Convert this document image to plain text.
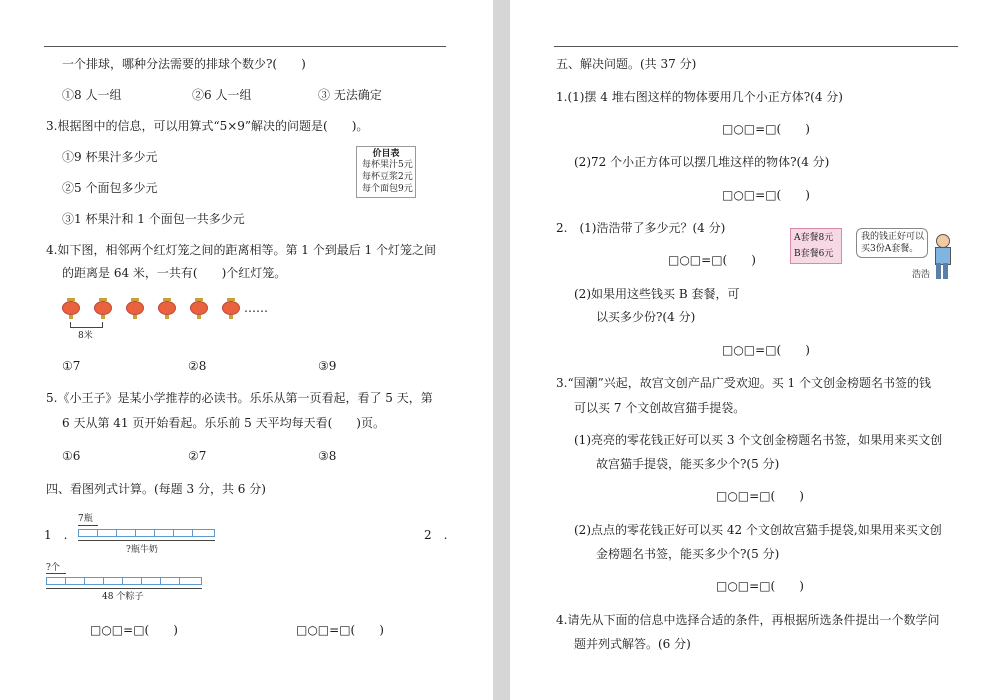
一个排球，哪种分法需要的排球个数少?(　　)
①8 人一组	②6 人一组	③ 无法确定
3.根据图中的信息，可以用算式“5×9”解决的问题是(　　)。
①9 杯果汁多少元
②5 个面包多少元
③1 杯果汁和 1 个面包一共多少元
价目表
每杯果汁5元
每杯豆浆2元
每个面包9元
4.如下图，相邻两个红灯笼之间的距离相等。第 1 个到最后 1 个灯笼之间
的距离是 64 米，一共有(　　)个红灯笼。
……
8米
①7	②8	③9
5.《小王子》是某小学推荐的必读书。乐乐从第一页看起，看了 5 天，第
6 天从第 41 页开始看起。乐乐前 5 天平均每天看(　　)页。
①6	②7	③8
四、看图列式计算。(每题 3 分，共 6 分)
1　.
7瓶
?瓶牛奶
2　.
?个
48 个粽子
□○□=□(　　)	□○□=□(　　)
五、解决问题。(共 37 分)
1.(1)摆 4 堆右图这样的物体要用几个小正方体?(4 分)
□○□=□(　　)
(2)72 个小正方体可以摆几堆这样的物体?(4 分)
□○□=□(　　)
2.　(1)浩浩带了多少元？(4 分)
□○□=□(　　)
A套餐8元
B套餐6元
我的钱正好可以
买3份A套餐。
浩浩
(2)如果用这些钱买 B 套餐，可
以买多少份?(4 分)
□○□=□(　　)
3.“国潮”兴起，故宫文创产品广受欢迎。买 1 个文创金榜题名书签的钱
可以买 7 个文创故宫猫手提袋。
(1)亮亮的零花钱正好可以买 3 个文创金榜题名书签，如果用来买文创
故宫猫手提袋，能买多少个?(5 分)
□○□=□(　　)
(2)点点的零花钱正好可以买 42 个文创故宫猫手提袋,如果用来买文创
金榜题名书签，能买多少个?(5 分)
□○□=□(　　)
4.请先从下面的信息中选择合适的条件，再根据所选条件提出一个数学问
题并列式解答。(6 分)
